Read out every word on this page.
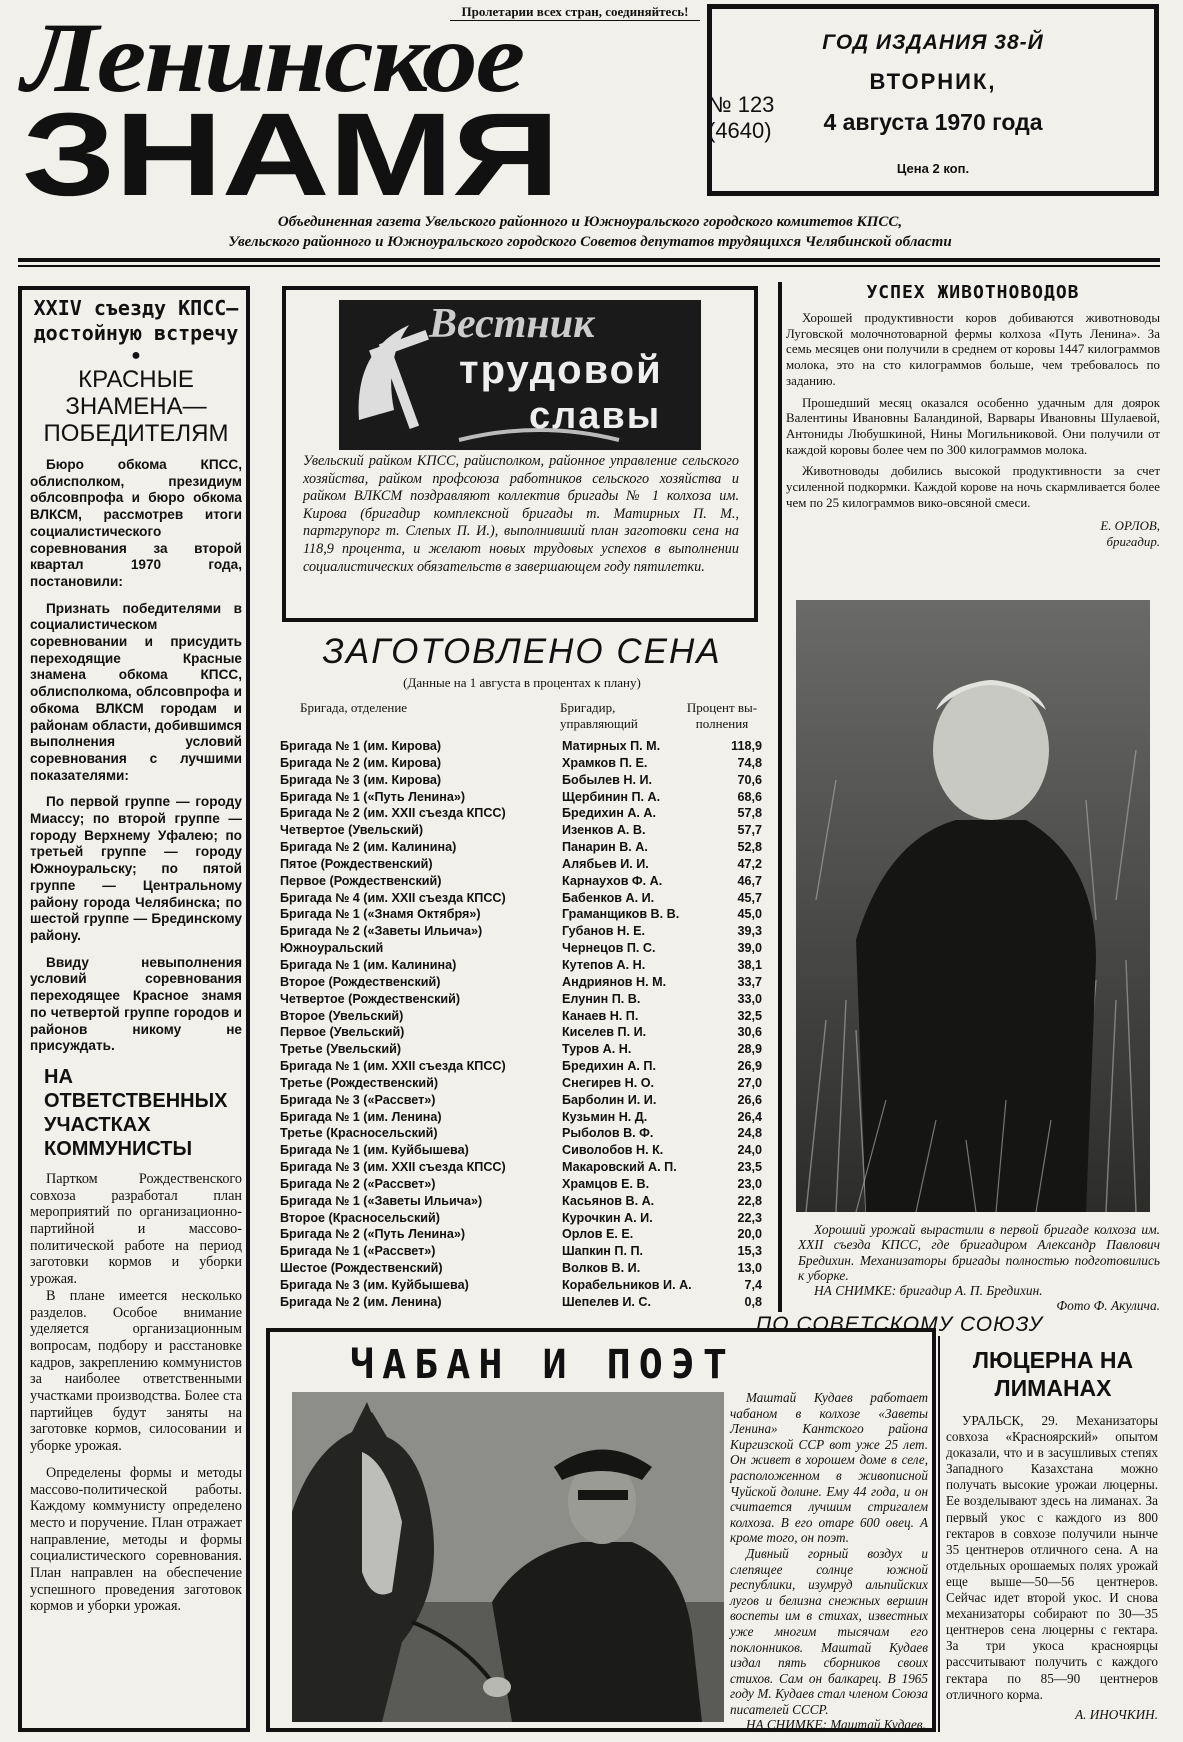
Пролетарии всех стран, соединяйтесь!
Ленинское
ЗНАМЯ	№ 123
(4640)
ГОД ИЗДАНИЯ 38-Й
ВТОРНИК,
4 августа 1970 года
Цена 2 коп.
Объединенная газета Увельского районного и Южноуральского городского комитетов КПСС,
Увельского районного и Южноуральского городского Советов депутатов трудящихся Челябинской области
XXIV съезду КПСС— достойную встречу
●
КРАСНЫЕ ЗНАМЕНА— ПОБЕДИТЕЛЯМ

Бюро обкома КПСС, облисполком, президиум облсовпрофа и бюро обкома ВЛКСМ, рассмотрев итоги социалистического соревнования за второй квартал 1970 года, постановили:

Признать победителями в социалистическом соревновании и присудить переходящие Красные знамена обкома КПСС, облисполкома, облсовпрофа и обкома ВЛКСМ городам и районам области, добившимся выполнения условий соревнования с лучшими показателями:

По первой группе — городу Миассу; по второй группе — городу Верхнему Уфалею; по третьей группе — городу Южноуральску; по пятой группе — Центральному району города Челябинска; по шестой группе — Брединскому району.

Ввиду невыполнения условий соревнования переходящее Красное знамя по четвертой группе городов и районов никому не присуждать.

НА ОТВЕТСТВЕННЫХ УЧАСТКАХ КОММУНИСТЫ

Партком Рождественского совхоза разработал план мероприятий по организационно-партийной и массово-политической работе на период заготовки кормов и уборки урожая.

В плане имеется несколько разделов. Особое внимание уделяется организационным вопросам, подбору и расстановке кадров, закреплению коммунистов за наиболее ответственными участками производства. Более ста партийцев будут заняты на заготовке кормов, силосовании и уборке урожая.

Определены формы и методы массово-политической работы. Каждому коммунисту определено место и поручение. План отражает направление, методы и формы социалистического соревнования. План направлен на обеспечение успешного проведения заготовок кормов и уборки урожая.

Вестник
трудовой
славы
Увельский райком КПСС, райисполком, районное управление сельского хозяйства, райком профсоюза работников сельского хозяйства и райком ВЛКСМ поздравляют коллектив бригады № 1 колхоза им. Кирова (бригадир комплексной бригады т. Матирных П. М., партгрупорг т. Слепых П. И.), выполнивший план заготовки сена на 118,9 процента, и желают новых трудовых успехов в выполнении социалистических обязательств в завершающем году пятилетки.
ЗАГОТОВЛЕНО СЕНА
(Данные на 1 августа в процентах к плану)
Бригада, отделение	Бригадир,
управляющий
Процент вы-
полнения
Бригада № 1 (им. Кирова)	Матирных П. М.	118,9
Бригада № 2 (им. Кирова)	Храмков П. Е.	74,8
Бригада № 3 (им. Кирова)	Бобылев Н. И.	70,6
Бригада № 1 («Путь Ленина»)	Щербинин П. А.	68,6
Бригада № 2 (им. XXII съезда КПСС)	Бредихин А. А.	57,8
Четвертое (Увельский)	Изенков А. В.	57,7
Бригада № 2 (им. Калинина)	Панарин В. А.	52,8
Пятое (Рождественский)	Алябьев И. И.	47,2
Первое (Рождественский)	Карнаухов Ф. А.	46,7
Бригада № 4 (им. XXII съезда КПСС)	Бабенков А. И.	45,7
Бригада № 1 («Знамя Октября»)	Граманщиков В. В.	45,0
Бригада № 2 («Заветы Ильича»)	Губанов Н. Е.	39,3
Южноуральский	Чернецов П. С.	39,0
Бригада № 1 (им. Калинина)	Кутепов А. Н.	38,1
Второе (Рождественский)	Андриянов Н. М.	33,7
Четвертое (Рождественский)	Елунин П. В.	33,0
Второе (Увельский)	Канаев Н. П.	32,5
Первое (Увельский)	Киселев П. И.	30,6
Третье (Увельский)	Туров А. Н.	28,9
Бригада № 1 (им. XXII съезда КПСС)	Бредихин А. П.	26,9
Третье (Рождественский)	Снегирев Н. О.	27,0
Бригада № 3 («Рассвет»)	Барболин И. И.	26,6
Бригада № 1 (им. Ленина)	Кузьмин Н. Д.	26,4
Третье (Красносельский)	Рыболов В. Ф.	24,8
Бригада № 1 (им. Куйбышева)	Сиволобов Н. К.	24,0
Бригада № 3 (им. XXII съезда КПСС)	Макаровский А. П.	23,5
Бригада № 2 («Рассвет»)	Храмцов Е. В.	23,0
Бригада № 1 («Заветы Ильича»)	Касьянов В. А.	22,8
Второе (Красносельский)	Курочкин А. И.	22,3
Бригада № 2 («Путь Ленина»)	Орлов Е. Е.	20,0
Бригада № 1 («Рассвет»)	Шапкин П. П.	15,3
Шестое (Рождественский)	Волков В. И.	13,0
Бригада № 3 (им. Куйбышева)	Корабельников И. А.	7,4
Бригада № 2 (им. Ленина)	Шепелев И. С.	0,8
УСПЕХ ЖИВОТНОВОДОВ

Хорошей продуктивности коров добиваются животноводы Луговской молочнотоварной фермы колхоза «Путь Ленина». За семь месяцев они получили в среднем от коровы 1447 килограммов молока, это на сто килограммов больше, чем требовалось по заданию.

Прошедший месяц оказался особенно удачным для доярок Валентины Ивановны Баландиной, Варвары Ивановны Шулаевой, Антониды Любушкиной, Нины Могильниковой. Они получили от каждой коровы более чем по 300 килограммов молока.

Животноводы добились высокой продуктивности за счет усиленной подкормки. Каждой корове на ночь скармливается более чем по 25 килограммов вико-овсяной смеси.

Е. ОРЛОВ,
бригадир.

Хороший урожай вырастили в первой бригаде колхоза им. XXII съезда КПСС, где бригадиром Александр Павлович Бредихин. Механизаторы бригады полностью подготовились к уборке.

НА СНИМКЕ: бригадир А. П. Бредихин.

Фото Ф. Акулича.

ПО СОВЕТСКОМУ СОЮЗУ
ЧАБАН И ПОЭТ

Маштай Кудаев работает чабаном в колхозе «Заветы Ленина» Кантского района Киргизской ССР вот уже 25 лет. Он живет в хорошем доме в селе, расположенном в живописной Чуйской долине. Ему 44 года, и он считается лучшим стригалем колхоза. В его отаре 600 овец. А кроме того, он поэт.

Дивный горный воздух и слепящее солнце южной республики, изумруд альпийских лугов и белизна снежных вершин воспеты им в стихах, известных уже многим тысячам его поклонников. Маштай Кудаев издал пять сборников своих стихов. Сам он балкарец. В 1965 году М. Кудаев стал членом Союза писателей СССР.

НА СНИМКЕ: Маштай Кудаев.

ЛЮЦЕРНА НА ЛИМАНАХ

УРАЛЬСК, 29. Механизаторы совхоза «Красноярский» опытом доказали, что и в засушливых степях Западного Казахстана можно получать высокие урожаи люцерны. Ее возделывают здесь на лиманах. За первый укос с каждого из 800 гектаров в совхозе получили нынче 35 центнеров отличного сена. А на отдельных орошаемых полях урожай еще выше—50—56 центнеров. Сейчас идет второй укос. И снова механизаторы собирают по 30—35 центнеров сена люцерны с гектара. За три укоса красноярцы рассчитывают получить с каждого гектара по 85—90 центнеров отличного корма.

А. ИНОЧКИН.
